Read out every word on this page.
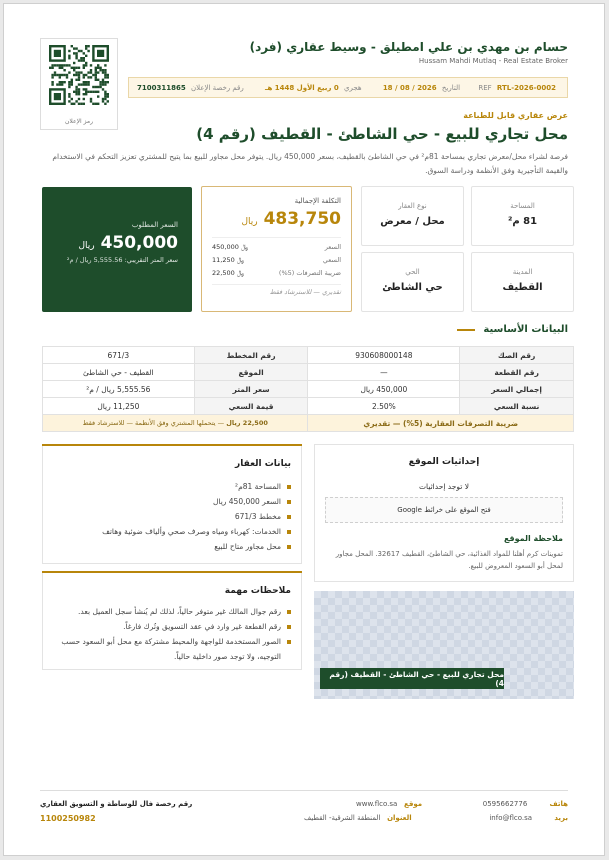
رمز الإعلان
حسام بن مهدي بن علي امطيلق - وسيط عقاري (فرد)
Hussam Mahdi Mutlaq - Real Estate Broker
REF RTL-2026-0002
التاريخ 2026 / 08 / 18
هجري 0 ربيع الأول 1448 هـ
رقم رخصة الإعلان 7100311865
عرض عقاري قابل للطباعة
محل تجاري للبيع - حي الشاطئ - القطيف (رقم 4)
فرصة لشراء محل/معرض تجاري بمساحة 81م² في حي الشاطئ بالقطيف، بسعر 450,000 ريال. يتوفر محل مجاور للبيع بما يتيح للمشتري تعزيز التحكم في الاستخدام والقيمة التأجيرية وفق الأنظمة ودراسة السوق.
السعر المطلوب
450,000 ريال
سعر المتر التقريبي: 5,555.56 ريال / م²
التكلفة الإجمالية
483,750 ريال
السعر
450,000 ﷼
السعي
11,250 ﷼
ضريبة التصرفات (5%)
22,500 ﷼
تقديري — للاسترشاد فقط
المساحة
81 م²
نوع العقار
محل / معرض
المدينة
القطيف
الحي
حي الشاطئ
البيانات الأساسية
رقم الصك	930608000148	رقم المخطط	671/3
رقم القطعة	—	الموقع	القطيف - حي الشاطئ
إجمالي السعر	450,000 ريال	سعر المتر	5,555.56 ريال / م²
نسبة السعي	2.50%	قيمة السعي	11,250 ريال
ضريبة التصرفات العقارية (5%) — تقديري		22,500 ريال — يتحملها المشتري وفق الأنظمة — للاسترشاد فقط	
بيانات العقار
المساحة 81م²
السعر 450,000 ريال
مخطط 671/3
الخدمات: كهرباء ومياه وصرف صحي وألياف ضوئية وهاتف
محل مجاور متاح للبيع
ملاحظات مهمة
رقم جوال المالك غير متوفر حالياً، لذلك لم يُنشأ سجل العميل بعد.
رقم القطعة غير وارد في عقد التسويق وتُرك فارغاً.
الصور المستخدمة للواجهة والمحيط مشتركة مع محل أبو السعود حسب التوجيه، ولا توجد صور داخلية حالياً.
إحداثيات الموقع
لا توجد إحداثيات
فتح الموقع على خرائط Google
ملاحظة الموقع
تموينات كرم أهلنا للمواد الغذائية، حي الشاطئ، القطيف 32617. المحل مجاور لمحل أبو السعود المعروض للبيع.
محل تجاري للبيع - حي الشاطئ - القطيف (رقم 4)
رقم رخصة فال للوساطة و التسويق العقاري
1100250982
موقع   www.flco.sa
العنوان   المنطقة الشرقية- القطيف
هاتف          0595662776
بريد          info@flco.sa
